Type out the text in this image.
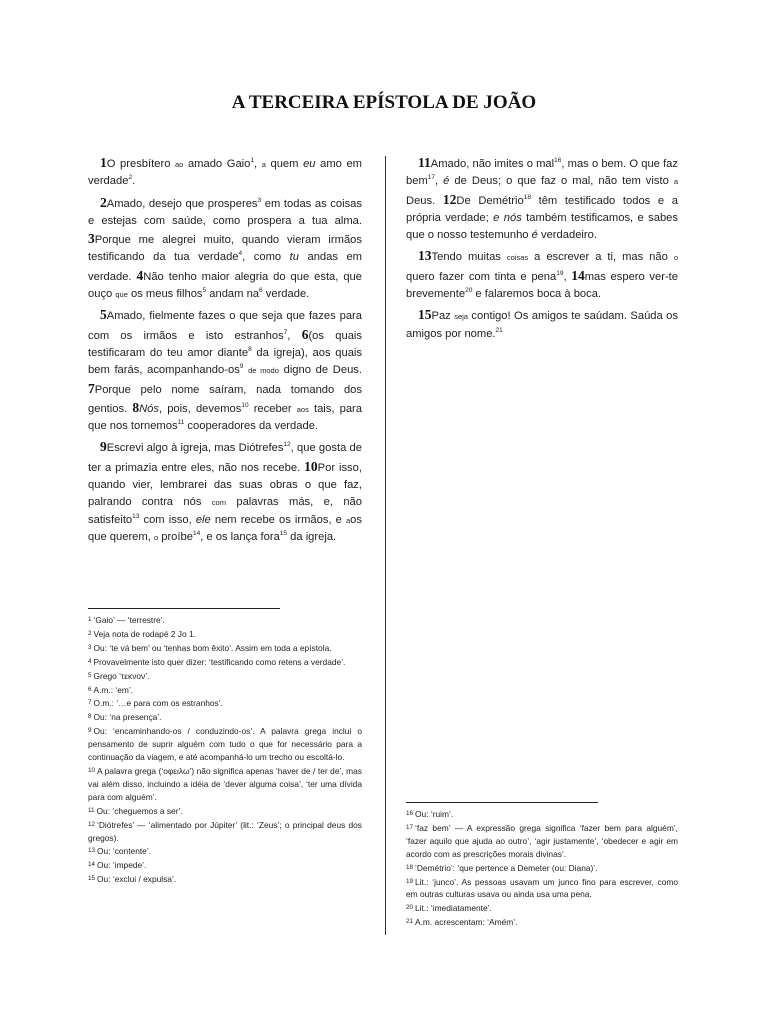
A TERCEIRA EPÍSTOLA DE JOÃO

1O presbítero ao amado Gaio$^1$, a quem eu amo em verdade$^2$.

2Amado, desejo que prosperes$^3$ em todas as coisas e estejas com saúde, como prospera a tua alma. 3Porque me alegrei muito, quando vieram irmãos testificando da tua verdade$^4$, como tu andas em verdade. 4Não tenho maior alegria do que esta, que ouço que os meus filhos$^5$ andam $na^6$ verdade.

5Amado, fielmente fazes o que seja que fazes para com os irmãos e isto estranhos$^7$, 6(os quais testificaram do teu amor diante$^8$ da igreja), aos quais bem farás, acompanhando-$os^9$ de modo digno de Deus. 7Porque pelo nome saíram, nada tomando dos gentios. 8Nós, pois, devemos$^{10}$ receber aos tais, para que nos tornemos$^{11}$ cooperadores da verdade.

9Escrevi algo à igreja, mas Diótrefes$^{12}$, que gosta de ter a primazia entre eles, não nos recebe. 10Por isso, quando vier, lembrarei das suas obras o que faz, palrando contra nós com palavras más, e, não satisfeito$^{13}$ com isso, ele nem recebe os irmãos, e aos que querem, o proíbe$^{14}$, e os lança fora$^{15}$ da igreja.

11Amado, não imites o mal$^{16}$, mas o bem. O que faz bem$^{17}$, é de Deus; o que faz o mal, não tem visto a Deus. 12De Demétrio$^{18}$ têm testificado todos e a própria verdade; e nós também testificamos, e sabes que o nosso testemunho é verdadeiro.

13Tendo muitas coisas a escrever a ti, mas não o quero fazer com tinta e pena$^{19}$, 14mas espero ver-te brevemente$^{20}$ e falaremos boca à boca.

15Paz seja contigo! Os amigos te saúdam. Saúda os amigos por nome.$^{21}$

$^1$ ‘Gaio’ — ‘terrestre’.
$^2$ Veja nota de rodapé 2 Jo 1.
$^3$ Ou: ‘te vá bem’ ou ‘tenhas bom êxito’. Assim em toda a epístola.
$^4$ Provavelmente isto quer dizer: ‘testificando como retens a verdade’.
$^5$ Grego ‘τεκνον’.
$^6$ A.m.: ‘em’.
$^7$ O.m.: ‘…e para com os estranhos’.
$^8$ Ou: ‘na presença’.
$^9$ Ou: ‘encaminhando-os / conduzindo-os’. A palavra grega inclui o pensamento de suprir alguém com tudo o que for necessário para a continuação da viagem, e até acompanhá-lo um trecho ou escoltá-lo.
$^{10}$ A palavra grega (‘οφειλω’) não significa apenas ‘haver de / ter de’, mas vai além disso, incluindo a idéia de ‘dever alguma coisa’, ‘ter uma dívida para com alguém’.
$^{11}$ Ou: ‘cheguemos a ser’.
$^{12}$ ‘Diótrefes’ — ‘alimentado por Júpiter’ (lit.: ‘Zeus’; o principal deus dos gregos).
$^{13}$ Ou: ‘contente’.
$^{14}$ Ou: ‘impede’.
$^{15}$ Ou: ‘exclui / expulsa’.
$^{16}$ Ou: ‘ruim’.
$^{17}$ ‘faz bem’ — A expressão grega significa ‘fazer bem para alguém’, ‘fazer aquilo que ajuda ao outro’, ‘agir justamente’, ‘obedecer e agir em acordo com as prescrições morais divinas’.
$^{18}$ ‘Demétrio’: ‘que pertence a Demeter (ou: Diana)’.
$^{19}$ Lit.: ‘junco’. As pessoas usavam um junco fino para escrever, como em outras culturas usava ou ainda usa uma pena.
$^{20}$ Lit.: ‘imediatamente’.
$^{21}$ A.m. acrescentam: ‘Amém’.
